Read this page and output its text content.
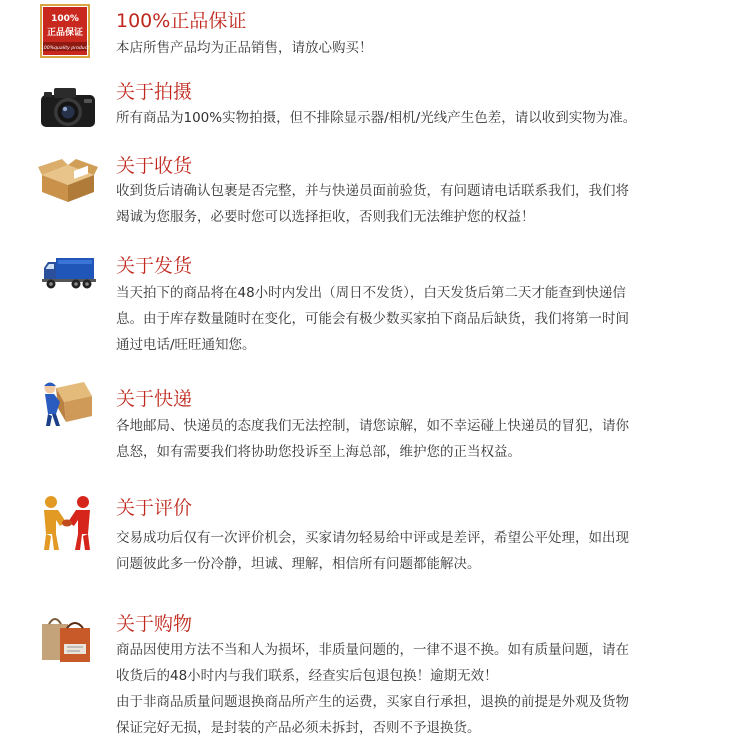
100%
正品保证
100%quality product
100%正品保证

本店所售产品均为正品销售，请放心购买！

关于拍摄

所有商品为100%实物拍摄，但不排除显示器/相机/光线产生色差，请以收到实物为准。

关于收货

收到货后请确认包裹是否完整，并与快递员面前验货，有问题请电话联系我们，我们将

竭诚为您服务，必要时您可以选择拒收，否则我们无法维护您的权益！

关于发货

当天拍下的商品将在48小时内发出（周日不发货），白天发货后第二天才能查到快递信

息。由于库存数量随时在变化，可能会有极少数买家拍下商品后缺货，我们将第一时间

通过电话/旺旺通知您。

关于快递

各地邮局、快递员的态度我们无法控制，请您谅解，如不幸运碰上快递员的冒犯，请你

息怒，如有需要我们将协助您投诉至上海总部，维护您的正当权益。

关于评价

交易成功后仅有一次评价机会，买家请勿轻易给中评或是差评，希望公平处理，如出现

问题彼此多一份冷静，坦诚、理解，相信所有问题都能解决。

关于购物

商品因使用方法不当和人为损坏，非质量问题的，一律不退不换。如有质量问题，请在

收货后的48小时内与我们联系，经查实后包退包换！逾期无效！

由于非商品质量问题退换商品所产生的运费，买家自行承担，退换的前提是外观及货物

保证完好无损，是封装的产品必须未拆封，否则不予退换货。
